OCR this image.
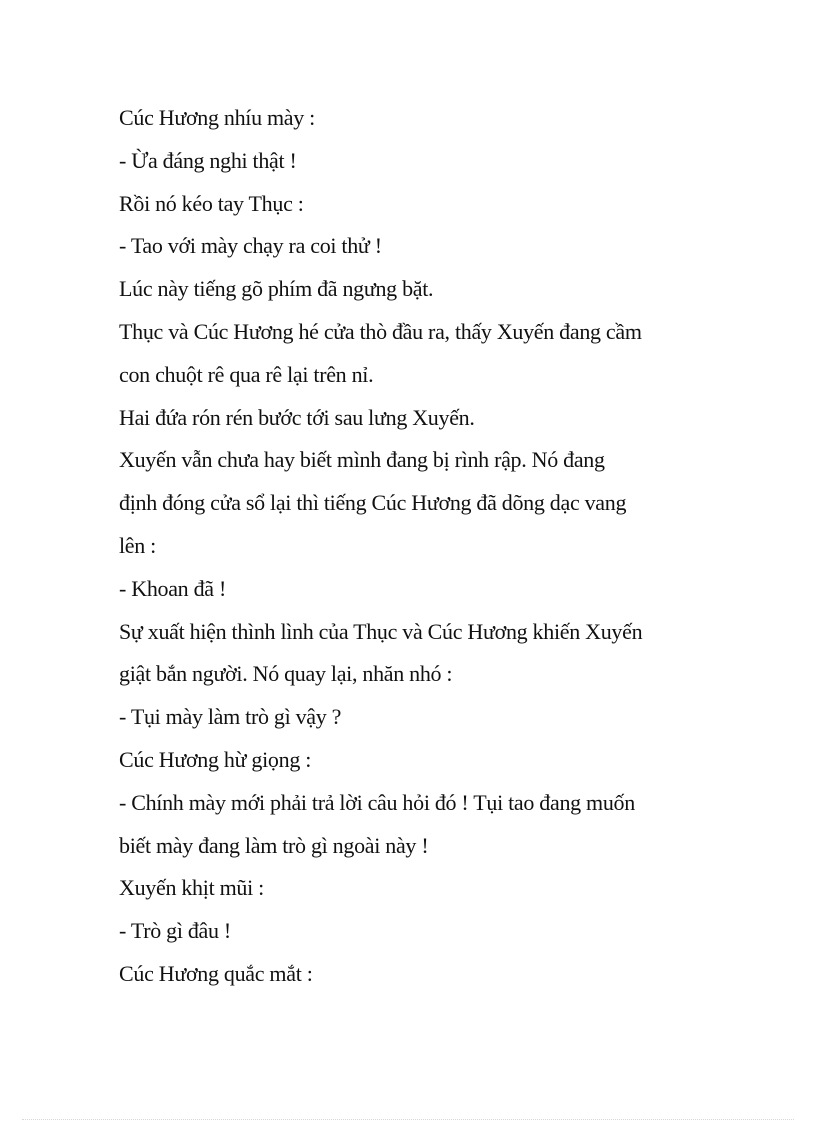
Cúc Hương nhíu mày :
- Ừa đáng nghi thật !
Rồi nó kéo tay Thục :
- Tao với mày chạy ra coi thử !
Lúc này tiếng gõ phím đã ngưng bặt.
Thục và Cúc Hương hé cửa thò đầu ra, thấy Xuyến đang cầm
con chuột rê qua rê lại trên nỉ.
Hai đứa rón rén bước tới sau lưng Xuyến.
Xuyến vẫn chưa hay biết mình đang bị rình rập. Nó đang
định đóng cửa sổ lại thì tiếng Cúc Hương đã dõng dạc vang
lên :
- Khoan đã !
Sự xuất hiện thình lình của Thục và Cúc Hương khiến Xuyến
giật bắn người. Nó quay lại, nhăn nhó :
- Tụi mày làm trò gì vậy ?
Cúc Hương hừ giọng :
- Chính mày mới phải trả lời câu hỏi đó ! Tụi tao đang muốn
biết mày đang làm trò gì ngoài này !
Xuyến khịt mũi :
- Trò gì đâu !
Cúc Hương quắc mắt :
